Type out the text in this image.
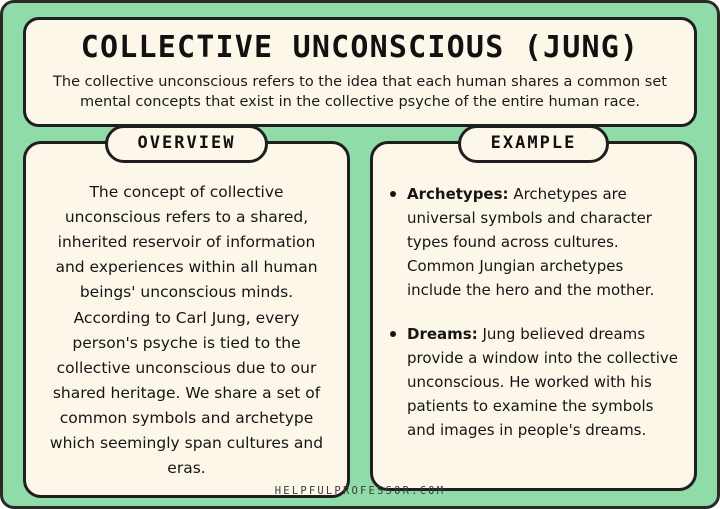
COLLECTIVE UNCONSCIOUS (JUNG)
The collective unconscious refers to the idea that each human shares a common set mental concepts that exist in the collective psyche of the entire human race.
OVERVIEW
The concept of collective unconscious refers to a shared, inherited reservoir of information and experiences within all human beings' unconscious minds. According to Carl Jung, every person's psyche is tied to the collective unconscious due to our shared heritage. We share a set of common symbols and archetype which seemingly span cultures and eras.
EXAMPLE
Archetypes: Archetypes are universal symbols and character types found across cultures. Common Jungian archetypes include the hero and the mother.
Dreams: Jung believed dreams provide a window into the collective unconscious. He worked with his patients to examine the symbols and images in people's dreams.
HELPFULPROFESSOR.COM
